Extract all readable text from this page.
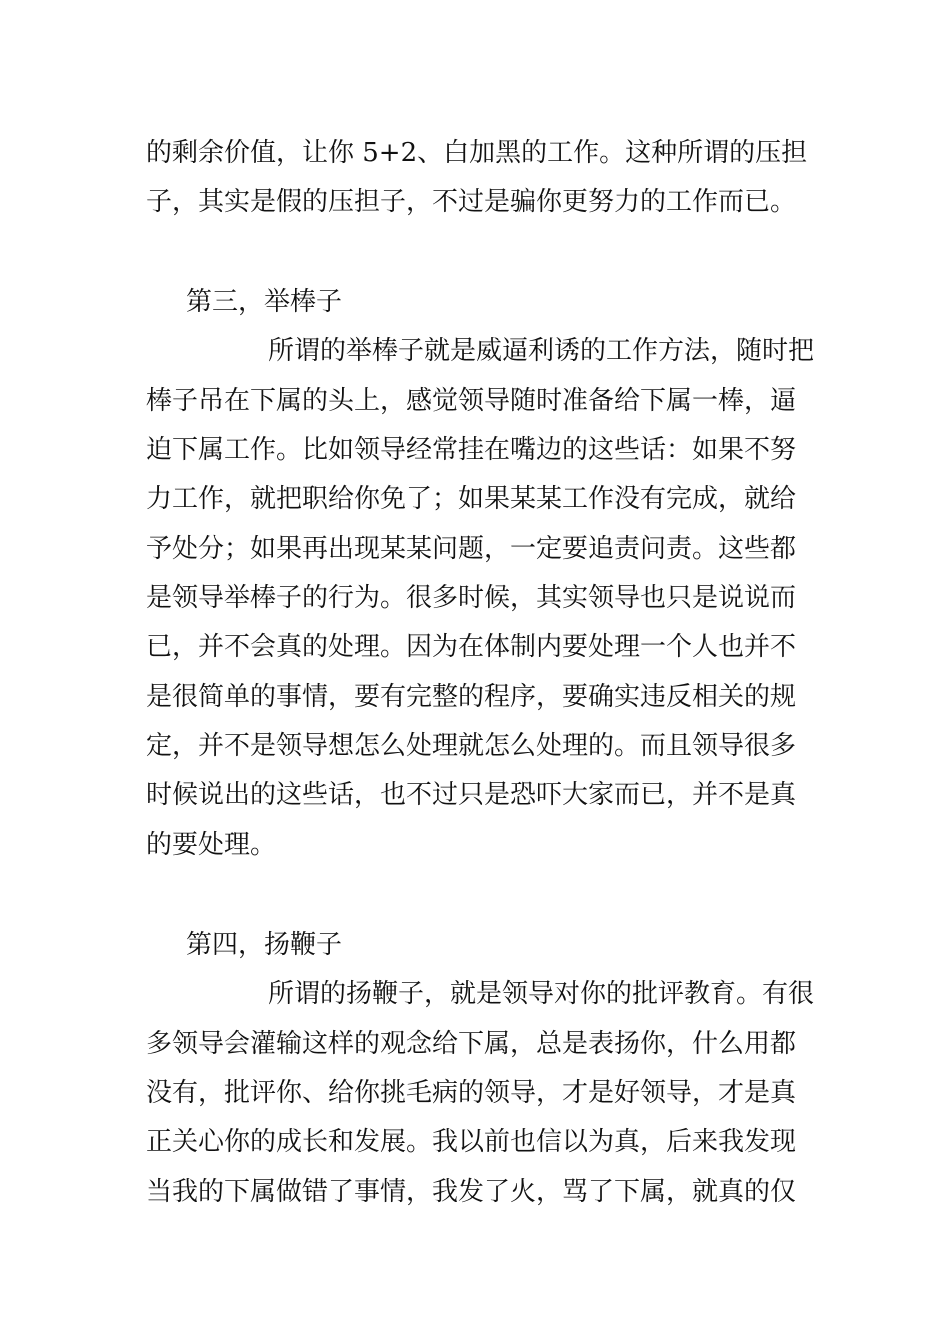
的剩余价值，让你 5+2、白加黑的工作。这种所谓的压担
子，其实是假的压担子，不过是骗你更努力的工作而已。
第三，举棒子
所谓的举棒子就是威逼利诱的工作方法，随时把
棒子吊在下属的头上，感觉领导随时准备给下属一棒，逼
迫下属工作。比如领导经常挂在嘴边的这些话：如果不努
力工作，就把职给你免了；如果某某工作没有完成，就给
予处分；如果再出现某某问题，一定要追责问责。这些都
是领导举棒子的行为。很多时候，其实领导也只是说说而
已，并不会真的处理。因为在体制内要处理一个人也并不
是很简单的事情，要有完整的程序，要确实违反相关的规
定，并不是领导想怎么处理就怎么处理的。而且领导很多
时候说出的这些话，也不过只是恐吓大家而已，并不是真
的要处理。
第四，扬鞭子
所谓的扬鞭子，就是领导对你的批评教育。有很
多领导会灌输这样的观念给下属，总是表扬你，什么用都
没有，批评你、给你挑毛病的领导，才是好领导，才是真
正关心你的成长和发展。我以前也信以为真，后来我发现
当我的下属做错了事情，我发了火，骂了下属，就真的仅
